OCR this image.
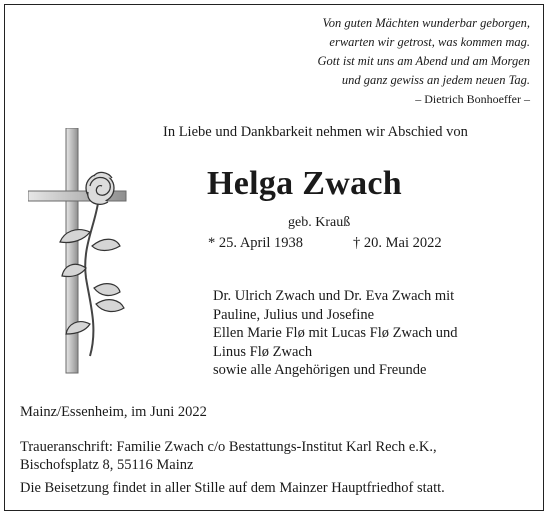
Von guten Mächten wunderbar geborgen,
erwarten wir getrost, was kommen mag.
Gott ist mit uns am Abend und am Morgen
und ganz gewiss an jedem neuen Tag.
– Dietrich Bonhoeffer –
In Liebe und Dankbarkeit nehmen wir Abschied von
Helga Zwach
geb. Krauß
* 25. April 1938	† 20. Mai 2022
Dr. Ulrich Zwach und Dr. Eva Zwach mit
Pauline, Julius und Josefine
Ellen Marie Flø mit Lucas Flø Zwach und
Linus Flø Zwach
sowie alle Angehörigen und Freunde
Mainz/Essenheim, im Juni 2022
Traueranschrift: Familie Zwach c/o Bestattungs-Institut Karl Rech e.K.,
Bischofsplatz 8, 55116 Mainz
Die Beisetzung findet in aller Stille auf dem Mainzer Hauptfriedhof statt.
